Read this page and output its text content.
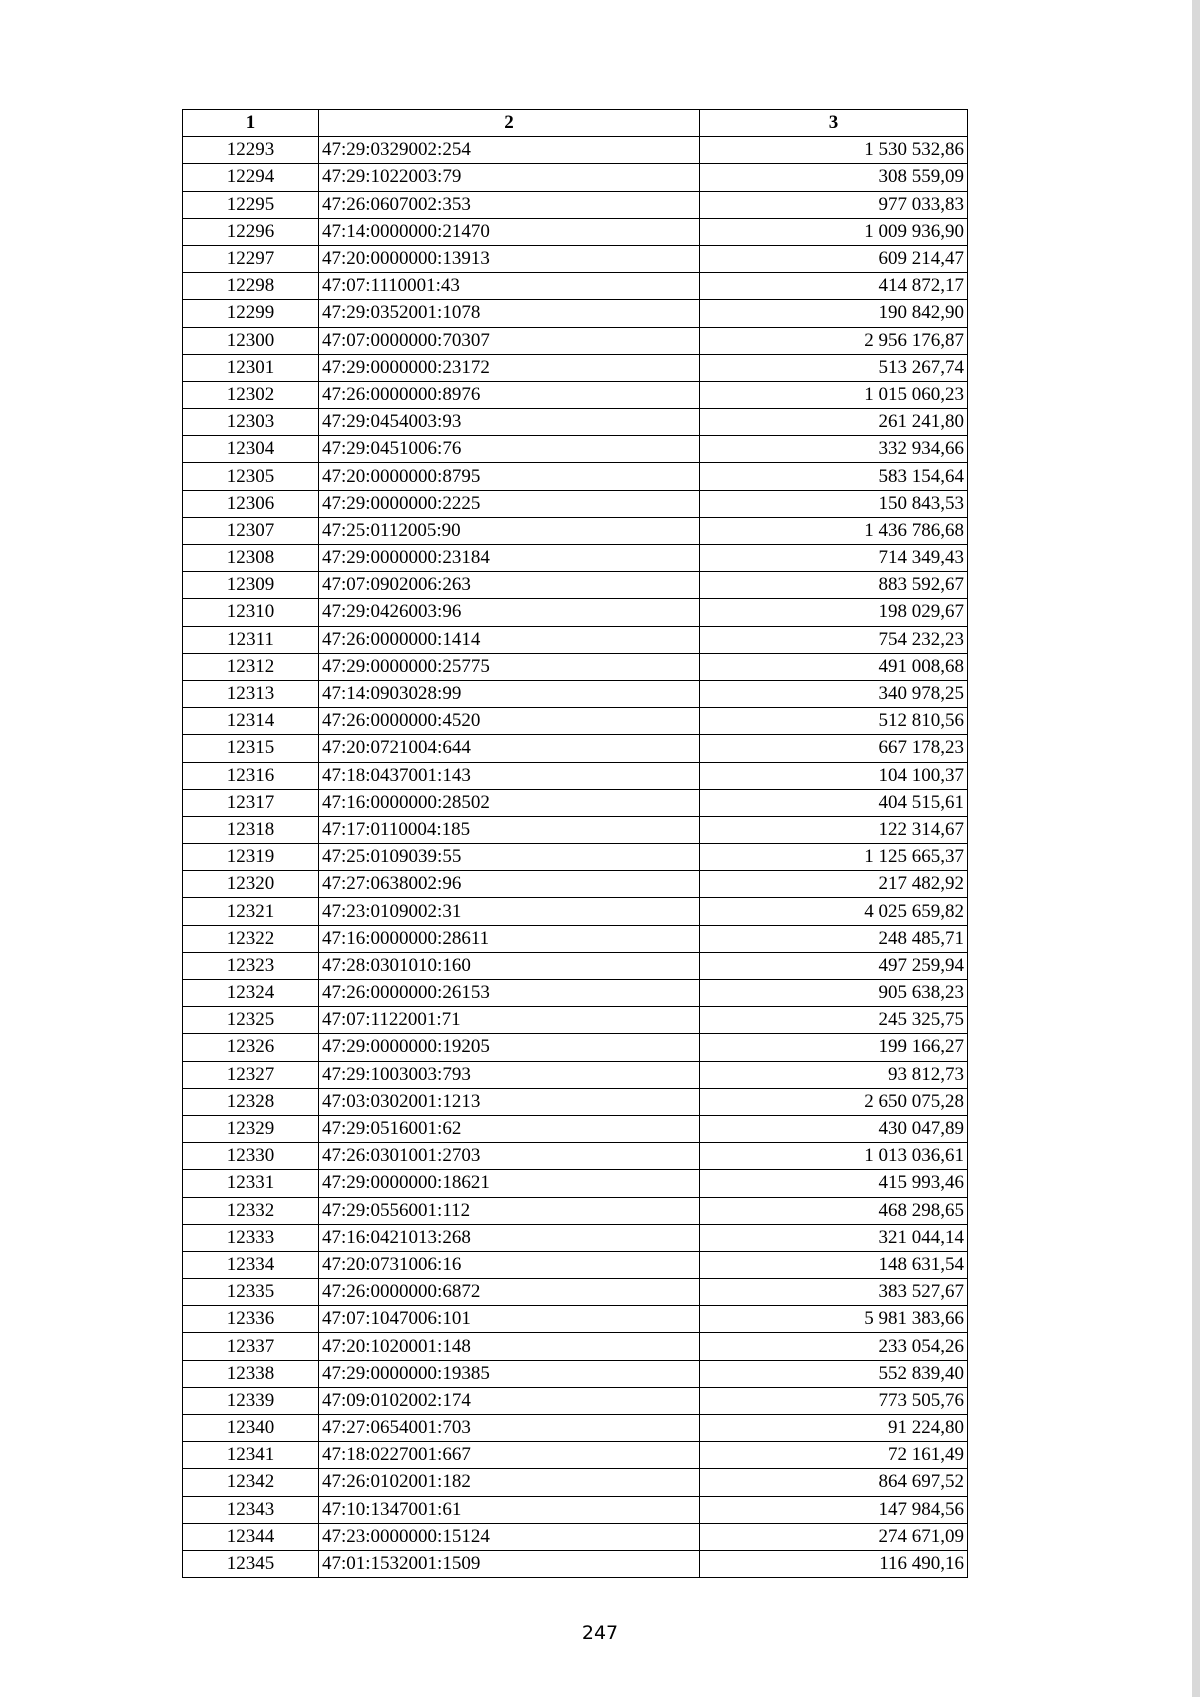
1	2	3
12293	47:29:0329002:254	1 530 532,86
12294	47:29:1022003:79	308 559,09
12295	47:26:0607002:353	977 033,83
12296	47:14:0000000:21470	1 009 936,90
12297	47:20:0000000:13913	609 214,47
12298	47:07:1110001:43	414 872,17
12299	47:29:0352001:1078	190 842,90
12300	47:07:0000000:70307	2 956 176,87
12301	47:29:0000000:23172	513 267,74
12302	47:26:0000000:8976	1 015 060,23
12303	47:29:0454003:93	261 241,80
12304	47:29:0451006:76	332 934,66
12305	47:20:0000000:8795	583 154,64
12306	47:29:0000000:2225	150 843,53
12307	47:25:0112005:90	1 436 786,68
12308	47:29:0000000:23184	714 349,43
12309	47:07:0902006:263	883 592,67
12310	47:29:0426003:96	198 029,67
12311	47:26:0000000:1414	754 232,23
12312	47:29:0000000:25775	491 008,68
12313	47:14:0903028:99	340 978,25
12314	47:26:0000000:4520	512 810,56
12315	47:20:0721004:644	667 178,23
12316	47:18:0437001:143	104 100,37
12317	47:16:0000000:28502	404 515,61
12318	47:17:0110004:185	122 314,67
12319	47:25:0109039:55	1 125 665,37
12320	47:27:0638002:96	217 482,92
12321	47:23:0109002:31	4 025 659,82
12322	47:16:0000000:28611	248 485,71
12323	47:28:0301010:160	497 259,94
12324	47:26:0000000:26153	905 638,23
12325	47:07:1122001:71	245 325,75
12326	47:29:0000000:19205	199 166,27
12327	47:29:1003003:793	93 812,73
12328	47:03:0302001:1213	2 650 075,28
12329	47:29:0516001:62	430 047,89
12330	47:26:0301001:2703	1 013 036,61
12331	47:29:0000000:18621	415 993,46
12332	47:29:0556001:112	468 298,65
12333	47:16:0421013:268	321 044,14
12334	47:20:0731006:16	148 631,54
12335	47:26:0000000:6872	383 527,67
12336	47:07:1047006:101	5 981 383,66
12337	47:20:1020001:148	233 054,26
12338	47:29:0000000:19385	552 839,40
12339	47:09:0102002:174	773 505,76
12340	47:27:0654001:703	91 224,80
12341	47:18:0227001:667	72 161,49
12342	47:26:0102001:182	864 697,52
12343	47:10:1347001:61	147 984,56
12344	47:23:0000000:15124	274 671,09
12345	47:01:1532001:1509	116 490,16
247
